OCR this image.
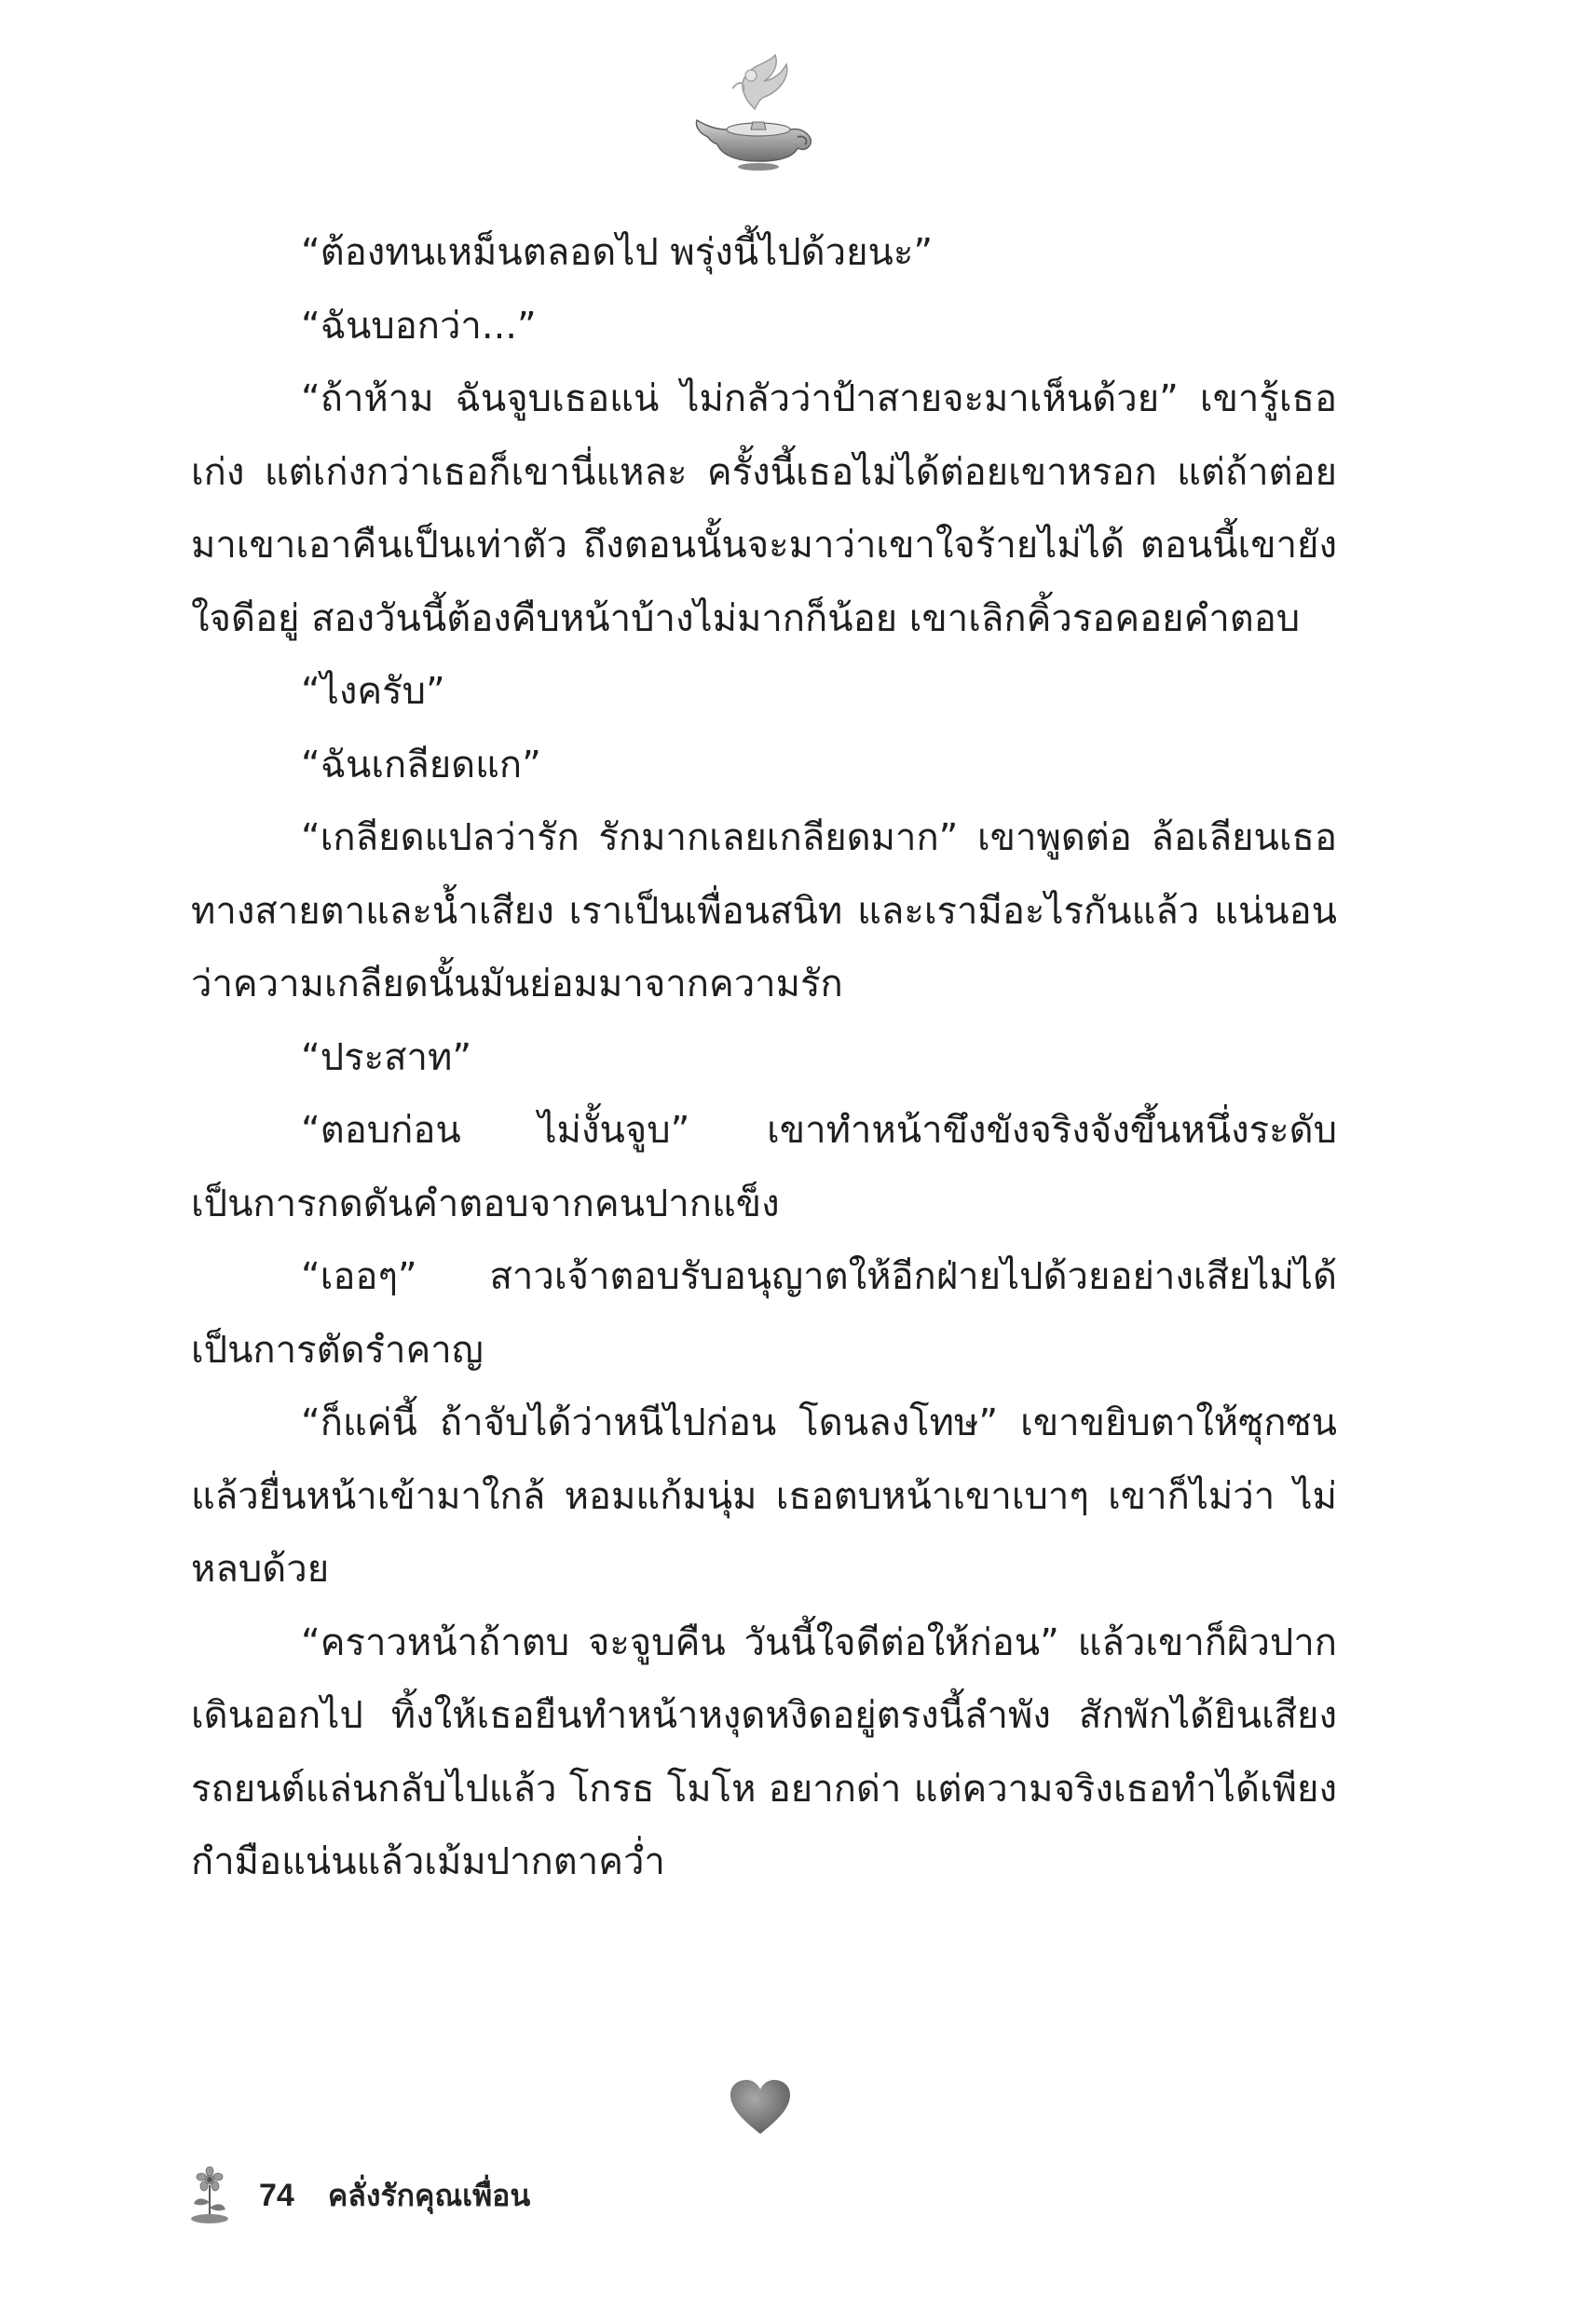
“ต้องทนเหม็นตลอดไป พรุ่งนี้ไปด้วยนะ”

“ฉันบอกว่า...”

“ถ้าห้าม ฉันจูบเธอแน่ ไม่กลัวว่าป้าสายจะมาเห็นด้วย” เขารู้เธอเก่ง แต่เก่งกว่าเธอก็เขานี่แหละ ครั้งนี้เธอไม่ได้ต่อยเขาหรอก แต่ถ้าต่อยมาเขาเอาคืนเป็นเท่าตัว ถึงตอนนั้นจะมาว่าเขาใจร้ายไม่ได้ ตอนนี้เขายังใจดีอยู่ สองวันนี้ต้องคืบหน้าบ้างไม่มากก็น้อย เขาเลิกคิ้วรอคอยคำตอบ

“ไงครับ”

“ฉันเกลียดแก”

“เกลียดแปลว่ารัก รักมากเลยเกลียดมาก” เขาพูดต่อ ล้อเลียนเธอทางสายตาและน้ำเสียง เราเป็นเพื่อนสนิท และเรามีอะไรกันแล้ว แน่นอนว่าความเกลียดนั้นมันย่อมมาจากความรัก

“ประสาท”

“ตอบก่อน ไม่งั้นจูบ” เขาทำหน้าขึงขังจริงจังขึ้นหนึ่งระดับ เป็นการกดดันคำตอบจากคนปากแข็ง

“เออๆ” สาวเจ้าตอบรับอนุญาตให้อีกฝ่ายไปด้วยอย่างเสียไม่ได้ เป็นการตัดรำคาญ

“ก็แค่นี้ ถ้าจับได้ว่าหนีไปก่อน โดนลงโทษ” เขาขยิบตาให้ซุกซน แล้วยื่นหน้าเข้ามาใกล้ หอมแก้มนุ่ม เธอตบหน้าเขาเบาๆ เขาก็ไม่ว่า ไม่หลบด้วย

“คราวหน้าถ้าตบ จะจูบคืน วันนี้ใจดีต่อให้ก่อน” แล้วเขาก็ผิวปากเดินออกไป ทิ้งให้เธอยืนทำหน้าหงุดหงิดอยู่ตรงนี้ลำพัง สักพักได้ยินเสียงรถยนต์แล่นกลับไปแล้ว โกรธ โมโห อยากด่า แต่ความจริงเธอทำได้เพียงกำมือแน่นแล้วเม้มปากตาคว่ำ

74 คลั่งรักคุณเพื่อน
